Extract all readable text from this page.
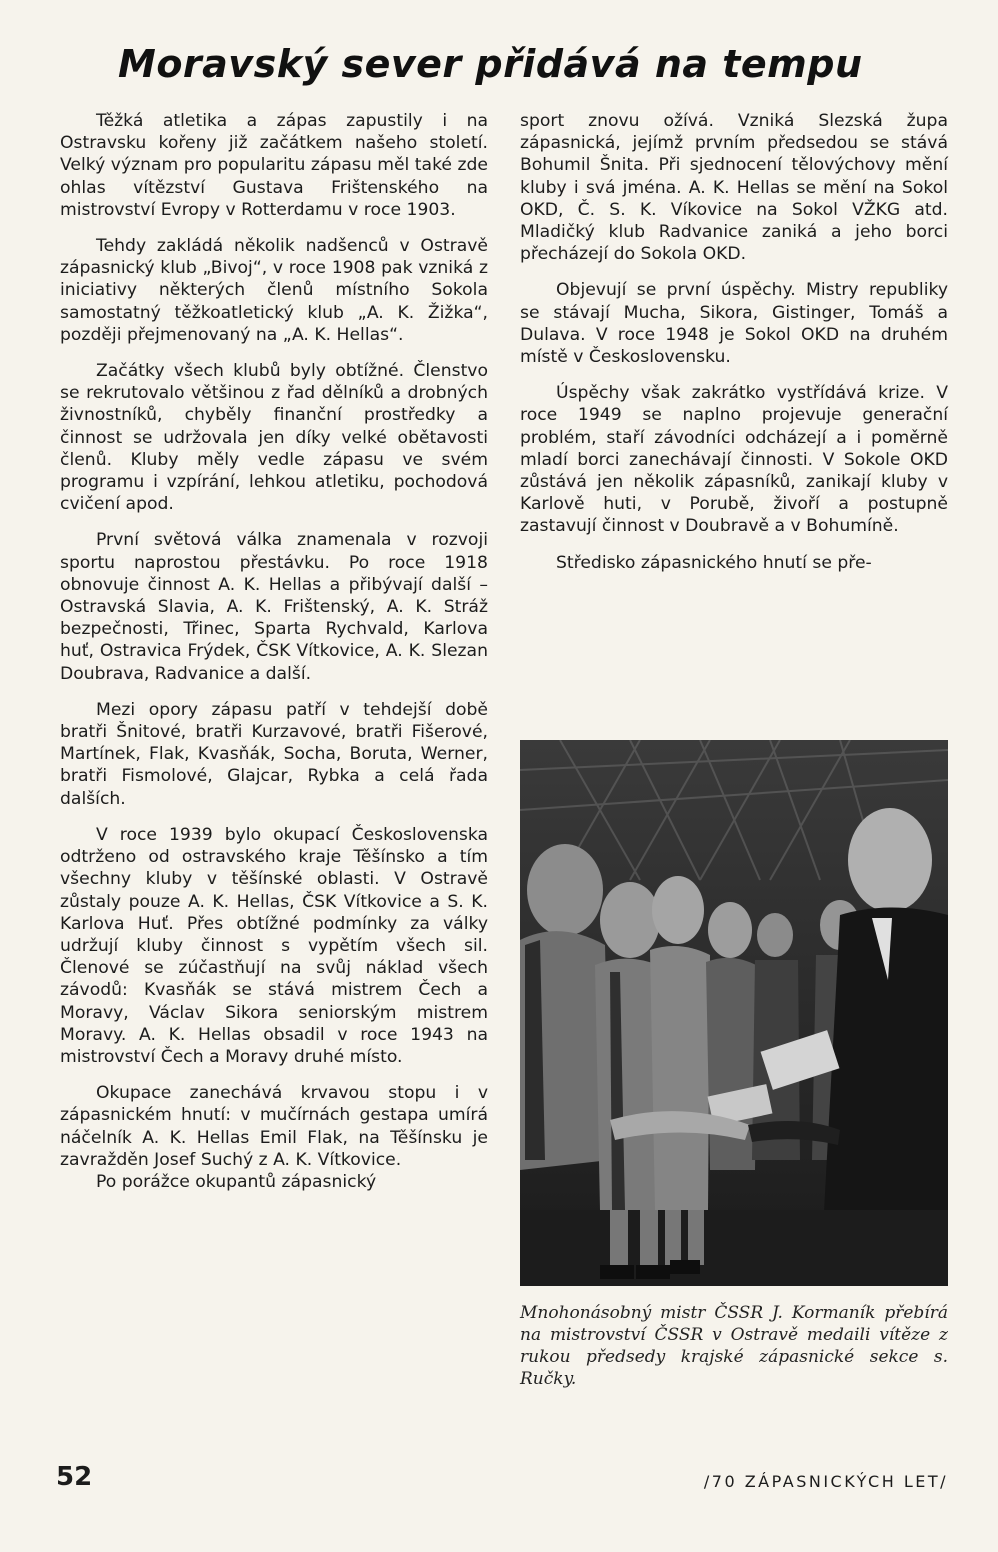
Moravský sever přidává na tempu

Těžká atletika a zápas zapustily i na Ostravsku kořeny již začátkem našeho století. Velký význam pro popularitu zápasu měl také zde ohlas vítězství Gustava Frištenského na mistrovství Evropy v Rotterdamu v roce 1903.

Tehdy zakládá několik nadšenců v Ostravě zápasnický klub „Bivoj“, v roce 1908 pak vzniká z iniciativy některých členů místního Sokola samostatný těžkoatletický klub „A. K. Žižka“, později přejmenovaný na „A. K. Hellas“.

Začátky všech klubů byly obtížné. Členstvo se rekrutovalo většinou z řad dělníků a drobných živnostníků, chyběly finanční prostředky a činnost se udržovala jen díky velké obětavosti členů. Kluby měly vedle zápasu ve svém programu i vzpírání, lehkou atletiku, pochodová cvičení apod.

První světová válka znamenala v rozvoji sportu naprostou přestávku. Po roce 1918 obnovuje činnost A. K. Hellas a přibývají další – Ostravská Slavia, A. K. Frištenský, A. K. Stráž bezpečnosti, Třinec, Sparta Rychvald, Karlova huť, Ostravica Frýdek, ČSK Vítkovice, A. K. Slezan Doubrava, Radvanice a další.

Mezi opory zápasu patří v tehdejší době bratři Šnitové, bratři Kurzavové, bratři Fišerové, Martínek, Flak, Kvasňák, Socha, Boruta, Werner, bratři Fismolové, Glajcar, Rybka a celá řada dalších.

V roce 1939 bylo okupací Československa odtrženo od ostravského kraje Těšínsko a tím všechny kluby v těšínské oblasti. V Ostravě zůstaly pouze A. K. Hellas, ČSK Vítkovice a S. K. Karlova Huť. Přes obtížné podmínky za války udržují kluby činnost s vypětím všech sil. Členové se zúčastňují na svůj náklad všech závodů: Kvasňák se stává mistrem Čech a Moravy, Václav Sikora seniorským mistrem Moravy. A. K. Hellas obsadil v roce 1943 na mistrovství Čech a Moravy druhé místo.

Okupace zanechává krvavou stopu i v zápasnickém hnutí: v mučírnách gestapa umírá náčelník A. K. Hellas Emil Flak, na Těšínsku je zavražděn Josef Suchý z A. K. Vítkovice.

Po porážce okupantů zápasnický

sport znovu ožívá. Vzniká Slezská župa zápasnická, jejímž prvním předsedou se stává Bohumil Šnita. Při sjednocení tělovýchovy mění kluby i svá jména. A. K. Hellas se mění na Sokol OKD, Č. S. K. Víkovice na Sokol VŽKG atd. Mladičký klub Radvanice zaniká a jeho borci přecházejí do Sokola OKD.

Objevují se první úspěchy. Mistry republiky se stávají Mucha, Sikora, Gistinger, Tomáš a Dulava. V roce 1948 je Sokol OKD na druhém místě v Československu.

Úspěchy však zakrátko vystřídává krize. V roce 1949 se naplno projevuje generační problém, staří závodníci odcházejí a i poměrně mladí borci zanechávají činnosti. V Sokole OKD zůstává jen několik zápasníků, zanikají kluby v Karlově huti, v Porubě, živoří a postupně zastavují činnost v Doubravě a v Bohumíně.

Středisko zápasnického hnutí se pře-

Mnohonásobný mistr ČSSR J. Kormaník přebírá na mistrovství ČSSR v Ostravě medaili vítěze z rukou předsedy krajské zápasnické sekce s. Ručky.
52	/70 ZÁPASNICKÝCH LET/
